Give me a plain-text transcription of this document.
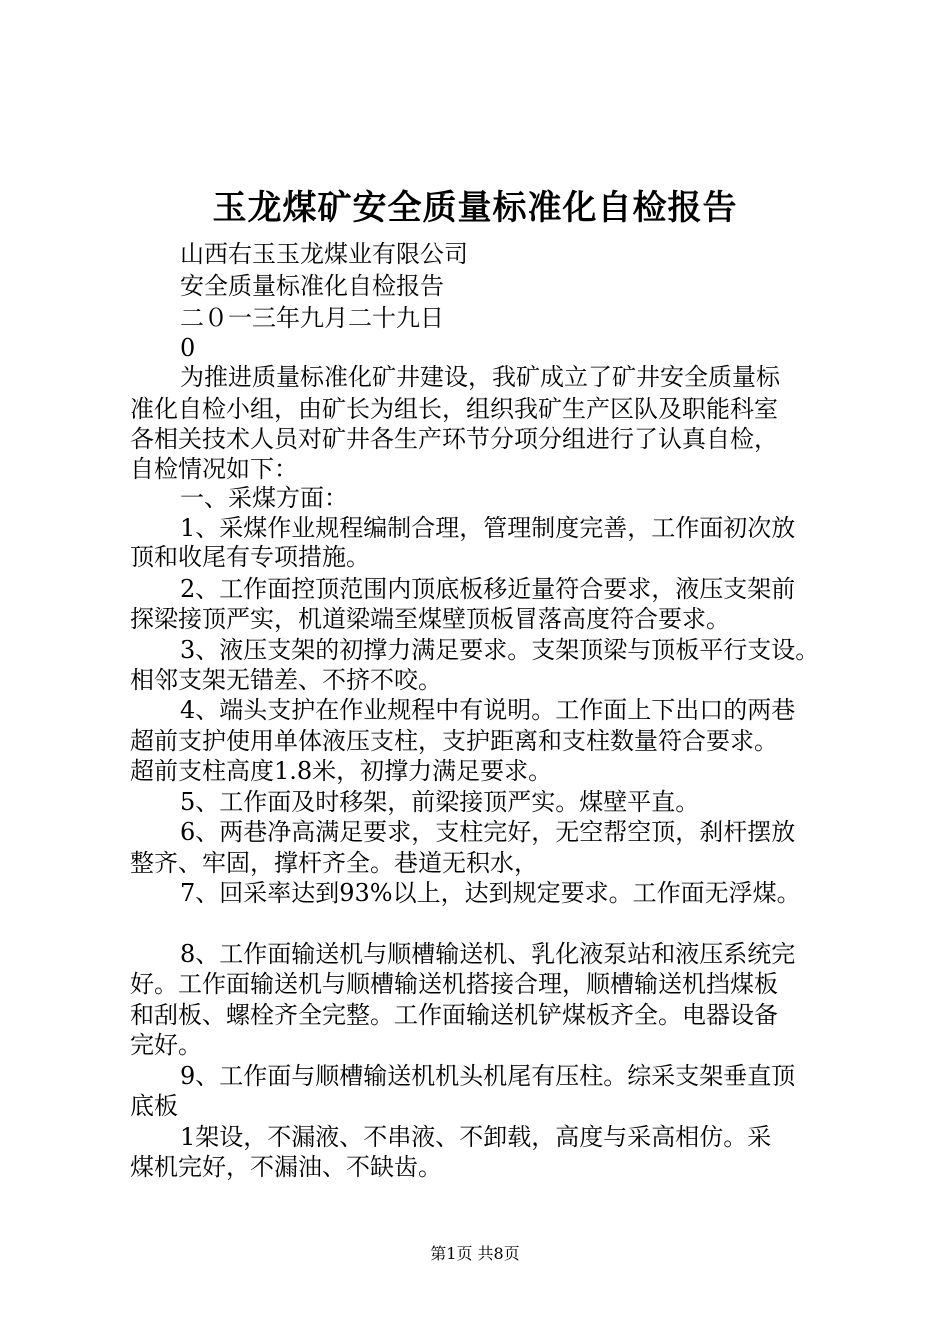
玉龙煤矿安全质量标准化自检报告
山西右玉玉龙煤业有限公司
安全质量标准化自检报告
二０一三年九月二十九日
0
为推进质量标准化矿井建设，我矿成立了矿井安全质量标
准化自检小组，由矿长为组长，组织我矿生产区队及职能科室
各相关技术人员对矿井各生产环节分项分组进行了认真自检，
自检情况如下：
一、采煤方面：
1、采煤作业规程编制合理，管理制度完善，工作面初次放
顶和收尾有专项措施。
2、工作面控顶范围内顶底板移近量符合要求，液压支架前
探梁接顶严实，机道梁端至煤壁顶板冒落高度符合要求。
3、液压支架的初撑力满足要求。支架顶梁与顶板平行支设。
相邻支架无错差、不挤不咬。
4、端头支护在作业规程中有说明。工作面上下出口的两巷
超前支护使用单体液压支柱，支护距离和支柱数量符合要求。
超前支柱高度1.8米，初撑力满足要求。
5、工作面及时移架，前梁接顶严实。煤壁平直。
6、两巷净高满足要求，支柱完好，无空帮空顶，刹杆摆放
整齐、牢固，撑杆齐全。巷道无积水，
7、回采率达到93%以上，达到规定要求。工作面无浮煤。
8、工作面输送机与顺槽输送机、乳化液泵站和液压系统完
好。工作面输送机与顺槽输送机搭接合理，顺槽输送机挡煤板
和刮板、螺栓齐全完整。工作面输送机铲煤板齐全。电器设备
完好。
9、工作面与顺槽输送机机头机尾有压柱。综采支架垂直顶
底板
1架设，不漏液、不串液、不卸载，高度与采高相仿。采
煤机完好，不漏油、不缺齿。
第1页 共8页
